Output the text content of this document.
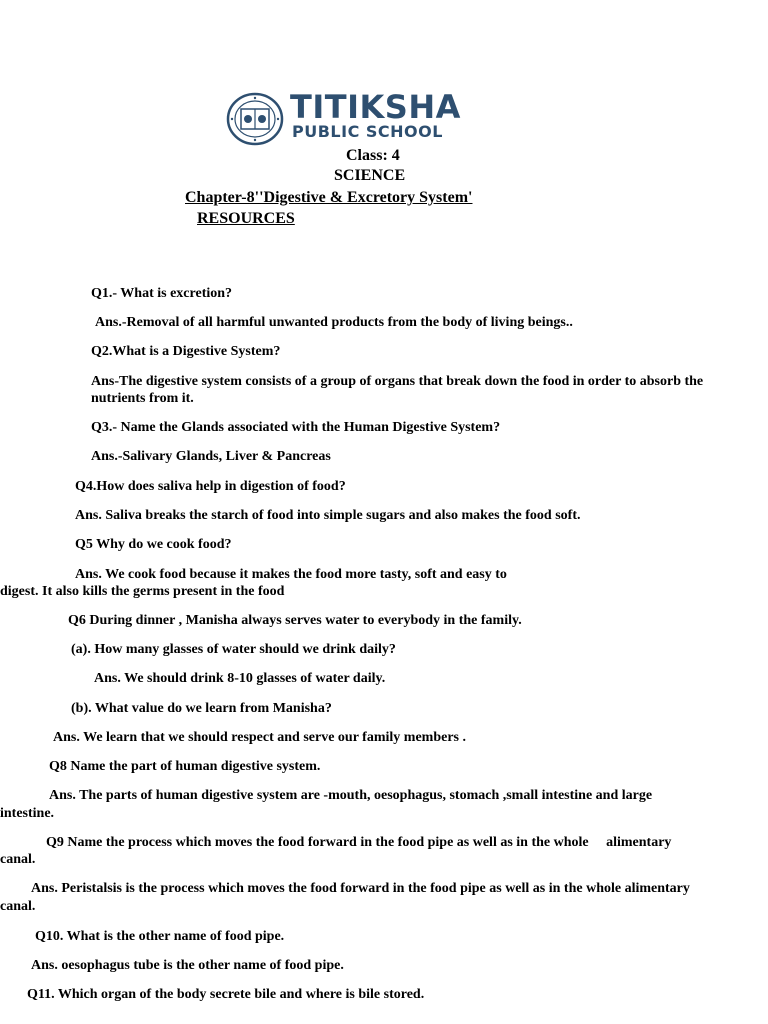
TITIKSHA
PUBLIC SCHOOL
Class: 4
SCIENCE
Chapter-8''Digestive & Excretory System'
RESOURCES
Q1.- What is excretion?
Ans.-Removal of all harmful unwanted products from the body of living beings..
Q2.What is a Digestive System?
Ans-The digestive system consists of a group of organs that break down the food in order to absorb the
nutrients from it.
Q3.- Name the Glands associated with the Human Digestive System?
Ans.-Salivary Glands, Liver & Pancreas
Q4.How does saliva help in digestion of food?
Ans. Saliva breaks the starch of food into simple sugars and also makes the food soft.
Q5 Why do we cook food?
Ans. We cook food because it makes the food more tasty, soft and easy to
digest. It also kills the germs present in the food
Q6 During dinner , Manisha always serves water to everybody in the family.
(a). How many glasses of water should we drink daily?
Ans. We should drink 8-10 glasses of water daily.
(b). What value do we learn from Manisha?
Ans. We learn that we should respect and serve our family members .
Q8 Name the part of human digestive system.
Ans. The parts of human digestive system are -mouth, oesophagus, stomach ,small intestine and large
intestine.
Q9 Name the process which moves the food forward in the food pipe as well as in the whole     alimentary
canal.
Ans. Peristalsis is the process which moves the food forward in the food pipe as well as in the whole alimentary
canal.
Q10. What is the other name of food pipe.
Ans. oesophagus tube is the other name of food pipe.
Q11. Which organ of the body secrete bile and where is bile stored.
